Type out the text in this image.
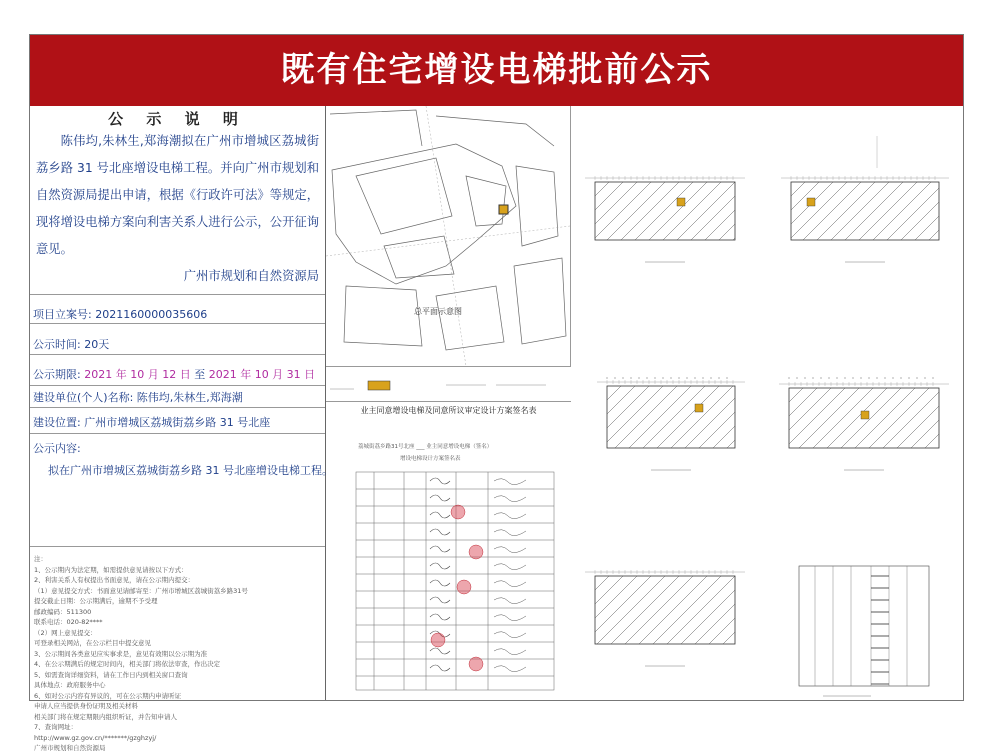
既有住宅增设电梯批前公示
公 示 说 明
陈伟均,朱林生,郑海潮拟在广州市增城区荔城街荔乡路 31 号北座增设电梯工程。并向广州市规划和自然资源局提出申请，根据《行政许可法》等规定，现将增设电梯方案向利害关系人进行公示，公开征询意见。
广州市规划和自然资源局
项目立案号: 2021160000035606
公示时间: 20天
公示期限: 2021 年 10 月 12 日 至 2021 年 10 月 31 日
建设单位(个人)名称: 陈伟均,朱林生,郑海潮
建设位置: 广州市增城区荔城街荔乡路 31 号北座
公示内容:
拟在广州市增城区荔城街荔乡路 31 号北座增设电梯工程。
注：
1、公示期内为法定期，如需提供意见请按以下方式：
2、利害关系人有权提出书面意见，请在公示期内提交：
（1）意见提交方式：书面意见请邮寄至：广州市增城区荔城街荔乡路31号
提交截止日期：公示期满后，逾期不予受理
邮政编码：511300
联系电话：020-82****
（2）网上意见提交：
可登录相关网站，在公示栏目中提交意见
3、公示期间各类意见应实事求是，意见有效期以公示期为准
4、在公示期满后的规定时间内，相关部门将依法审查，作出决定
5、如需查询详细资料，请在工作日内到相关窗口查询
具体地点：政府服务中心
6、如对公示内容有异议的，可在公示期内申请听证
申请人应当提供身份证明及相关材料
相关部门将在规定期限内组织听证，并告知申请人
7、查询网址：
http://www.gz.gov.cn/*******/gzghzyj/
广州市规划和自然资源局
总平面示意图
业主同意增设电梯及同意所议审定设计方案签名表
荔城街荔乡路31号北座 ___ 业主同意增设电梯（签名）
增设电梯设计方案签名表
